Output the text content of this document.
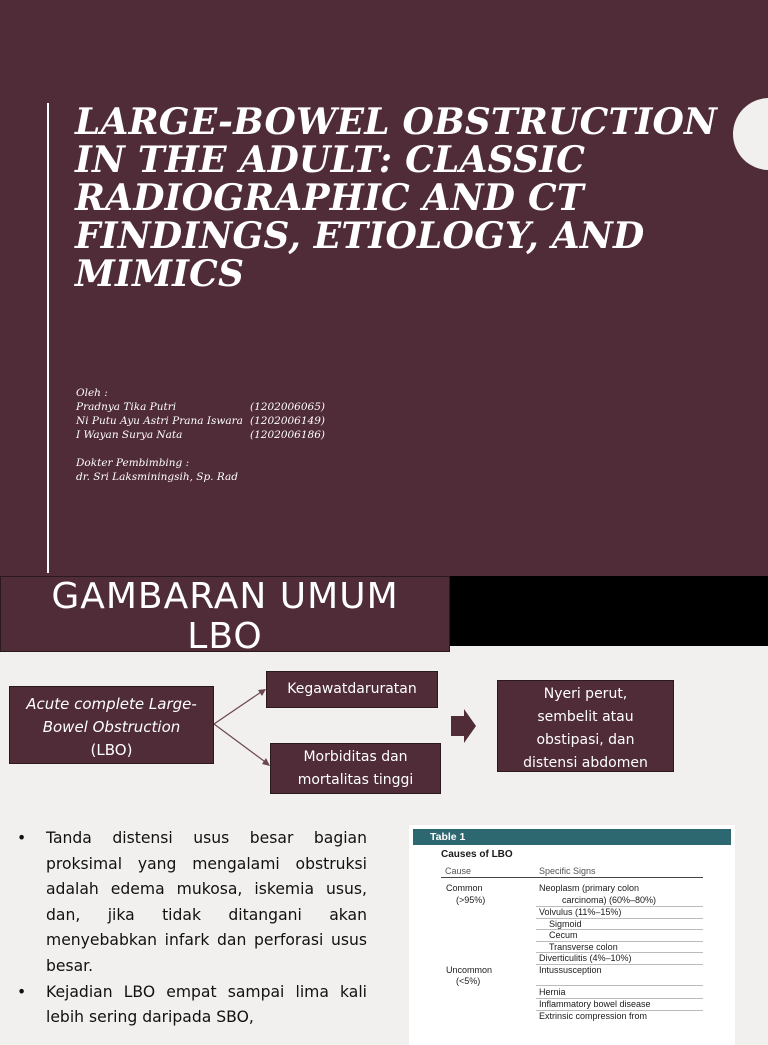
LARGE-BOWEL OBSTRUCTION IN THE ADULT: CLASSIC RADIOGRAPHIC AND CT FINDINGS, ETIOLOGY, AND MIMICS
Oleh :
Pradnya Tika Putri	(1202006065)
Ni Putu Ayu Astri Prana Iswara (1202006149)
I Wayan Surya Nata	(1202006186)
Dokter Pembimbing :
dr. Sri Laksminingsih, Sp. Rad
GAMBARAN UMUM
LBO
Acute complete Large-
Bowel Obstruction
(LBO)
Kegawatdaruratan
Morbiditas dan
mortalitas tinggi
Nyeri perut,
sembelit atau
obstipasi, dan
distensi abdomen
• Tanda distensi usus besar bagian proksimal yang mengalami obstruksi adalah edema mukosa, iskemia usus, dan, jika tidak ditangani akan menyebabkan infark dan perforasi usus besar.
• Kejadian LBO empat sampai lima kali lebih sering daripada SBO,
Table 1
Causes of LBO
Cause	Specific Signs
Common	Neoplasm (primary colon
(>95%)	carcinoma) (60%–80%)
Volvulus (11%–15%)
Sigmoid
Cecum
Transverse colon
Diverticulitis (4%–10%)
Uncommon	Intussusception
(<5%)
Hernia
Inflammatory bowel disease
Extrinsic compression from
